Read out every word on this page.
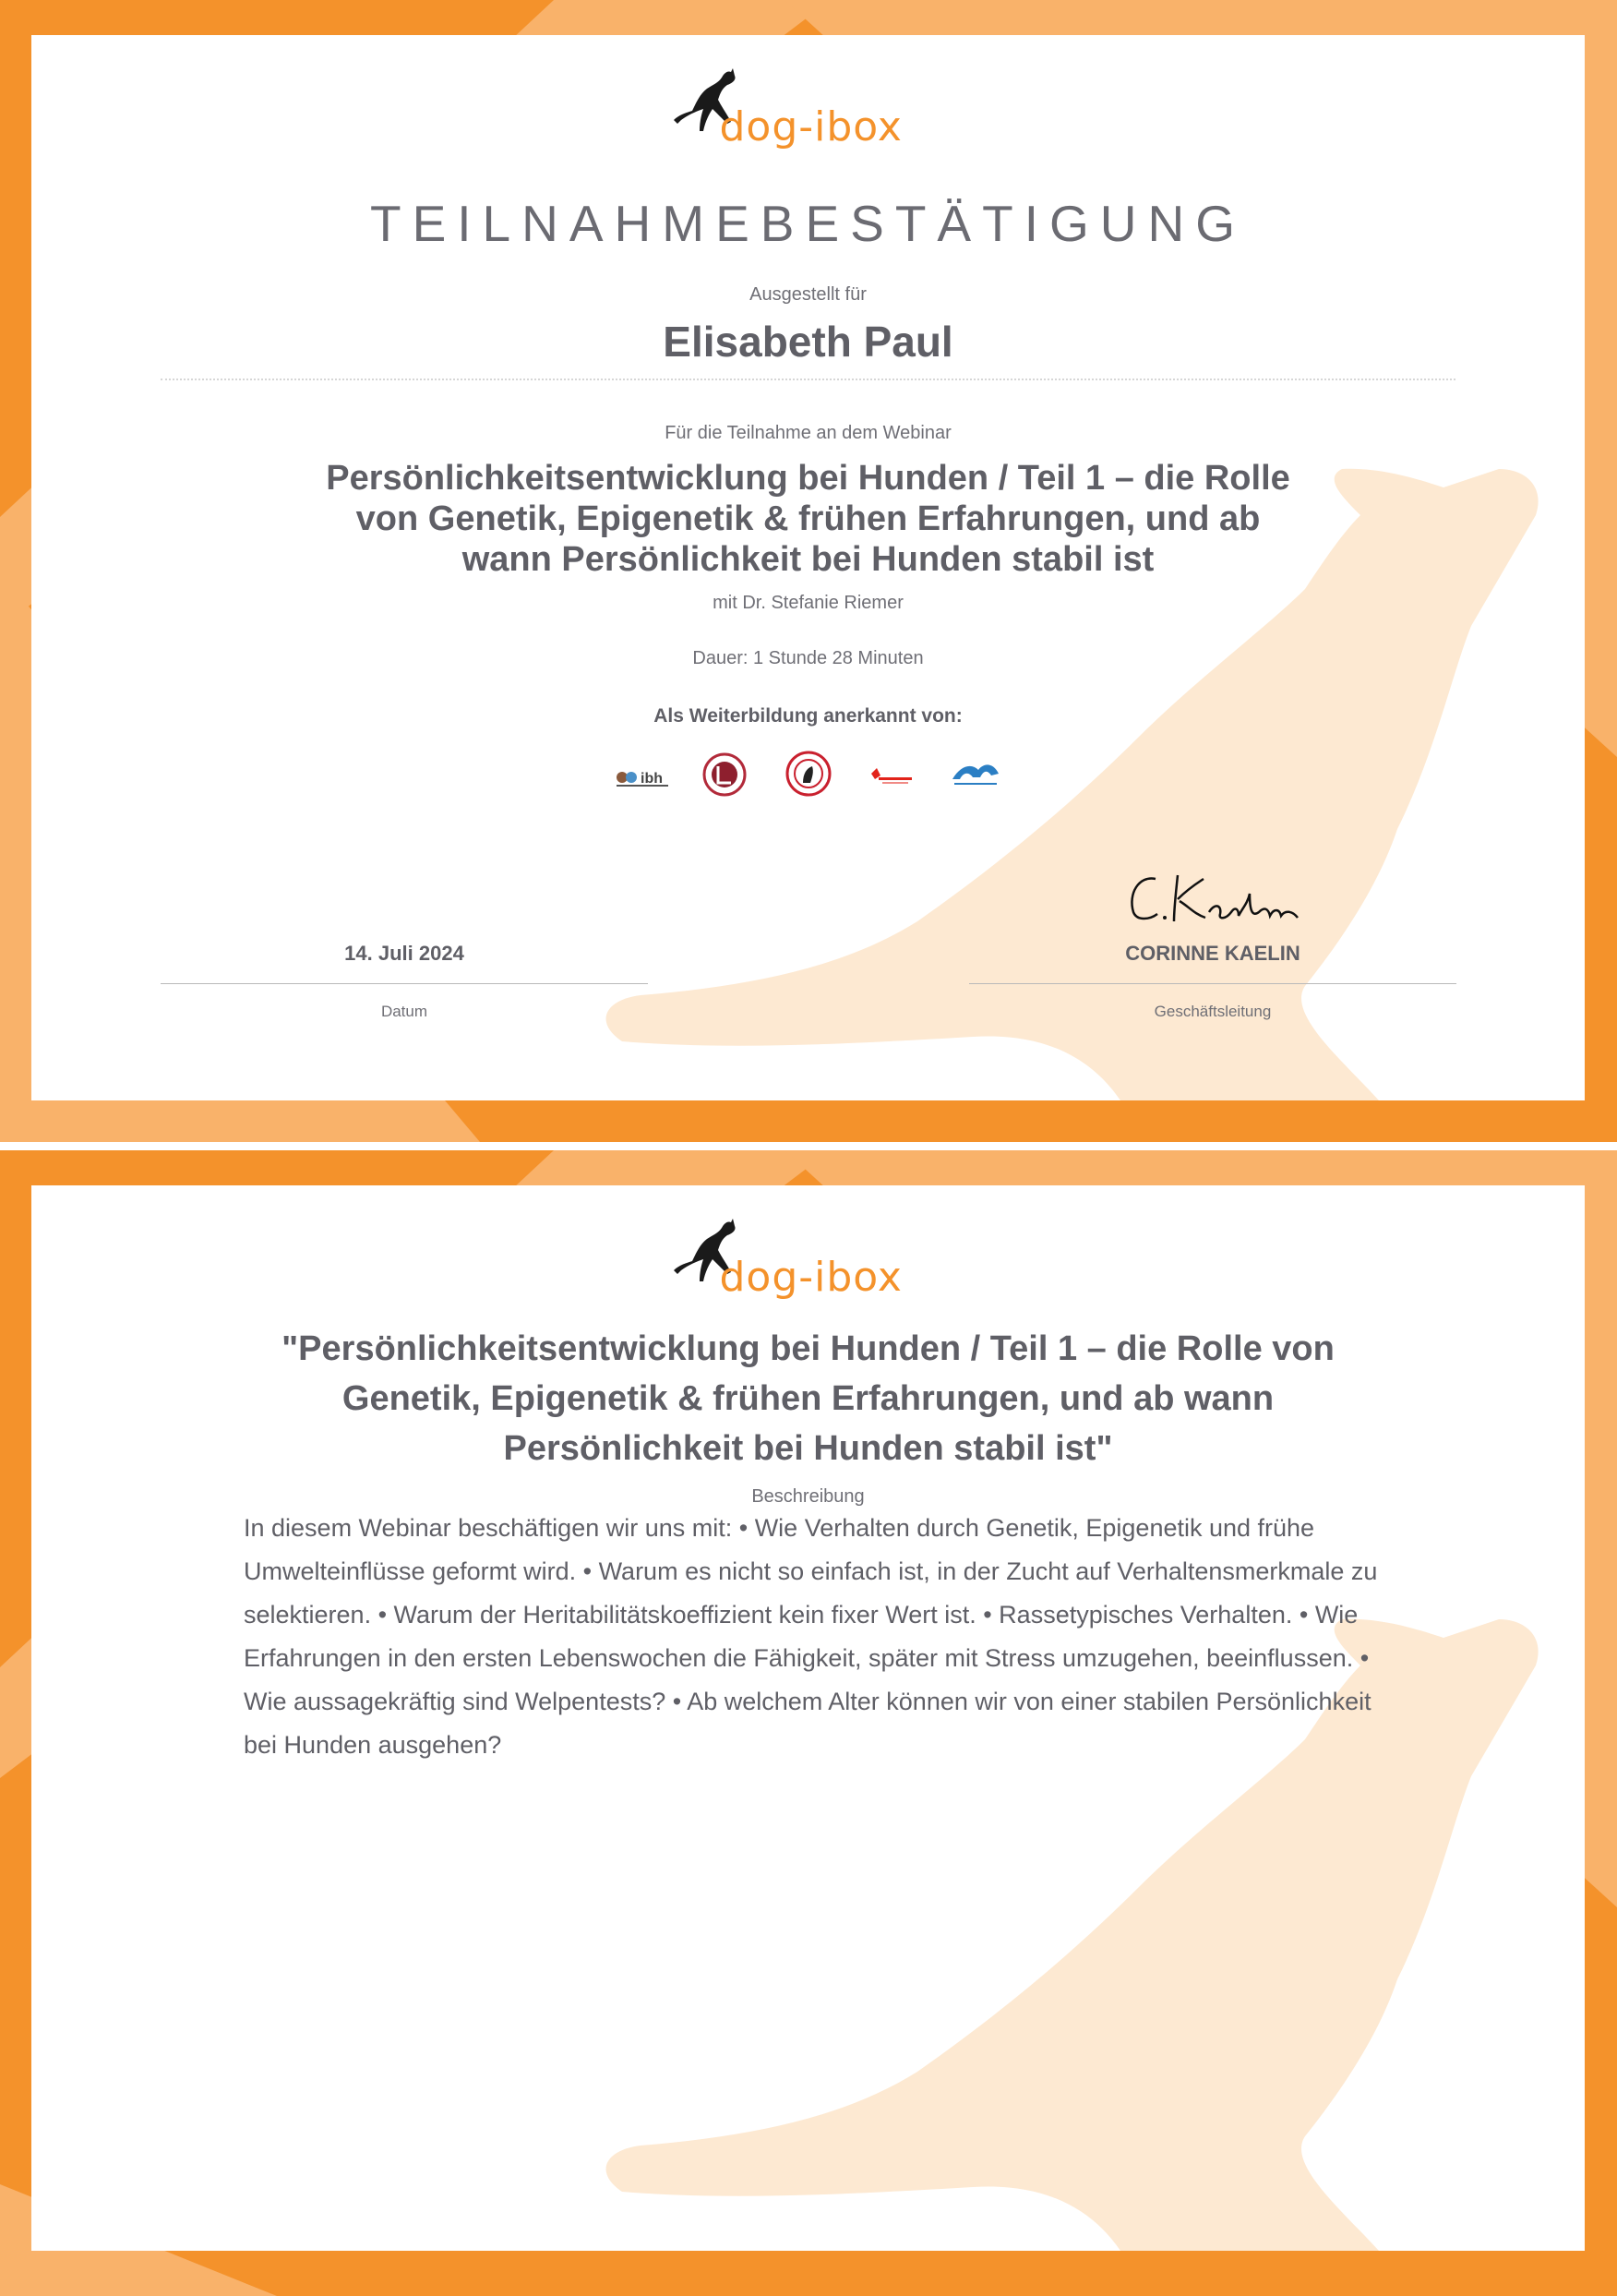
dog-ibox
TEILNAHMEBESTÄTIGUNG
Ausgestellt für
Elisabeth Paul
Für die Teilnahme an dem Webinar
Persönlichkeitsentwicklung bei Hunden / Teil 1 – die Rolle von Genetik, Epigenetik & frühen Erfahrungen, und ab wann Persönlichkeit bei Hunden stabil ist
mit Dr. Stefanie Riemer
Dauer: 1 Stunde 28 Minuten
Als Weiterbildung anerkannt von:
ibh
14. Juli 2024	CORINNE KAELIN
Datum	Geschäftsleitung
dog-ibox
"Persönlichkeitsentwicklung bei Hunden / Teil 1 – die Rolle von Genetik, Epigenetik & frühen Erfahrungen, und ab wann Persönlichkeit bei Hunden stabil ist"
Beschreibung
In diesem Webinar beschäftigen wir uns mit: • Wie Verhalten durch Genetik, Epigenetik und frühe Umwelteinflüsse geformt wird. • Warum es nicht so einfach ist, in der Zucht auf Verhaltensmerkmale zu selektieren. • Warum der Heritabilitätskoeffizient kein fixer Wert ist. • Rassetypisches Verhalten. • Wie Erfahrungen in den ersten Lebenswochen die Fähigkeit, später mit Stress umzugehen, beeinflussen. • Wie aussagekräftig sind Welpentests? • Ab welchem Alter können wir von einer stabilen Persönlichkeit bei Hunden ausgehen?
